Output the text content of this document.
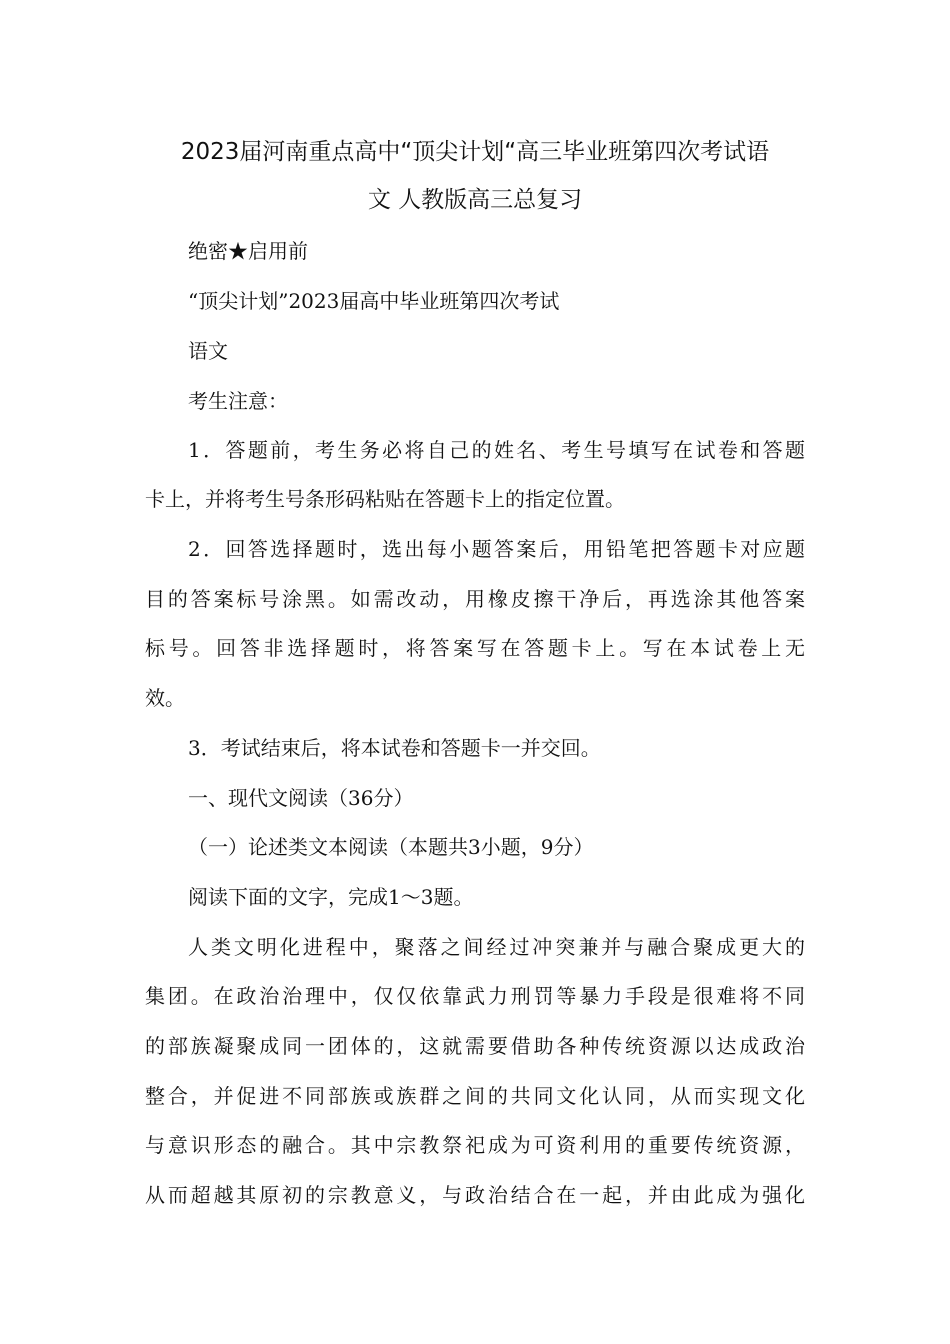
2023届河南重点高中“顶尖计划“高三毕业班第四次考试语
文 人教版高三总复习
绝密★启用前
“顶尖计划”2023届高中毕业班第四次考试
语文
考生注意：
1．答题前，考生务必将自己的姓名、考生号填写在试卷和答题
卡上，并将考生号条形码粘贴在答题卡上的指定位置。
2．回答选择题时，选出每小题答案后，用铅笔把答题卡对应题
目的答案标号涂黑。如需改动，用橡皮擦干净后，再选涂其他答案
标号。回答非选择题时，将答案写在答题卡上。写在本试卷上无
效。
3．考试结束后，将本试卷和答题卡一并交回。
一、现代文阅读（36分）
（一）论述类文本阅读（本题共3小题，9分）
阅读下面的文字，完成1～3题。
人类文明化进程中，聚落之间经过冲突兼并与融合聚成更大的
集团。在政治治理中，仅仅依靠武力刑罚等暴力手段是很难将不同
的部族凝聚成同一团体的，这就需要借助各种传统资源以达成政治
整合，并促进不同部族或族群之间的共同文化认同，从而实现文化
与意识形态的融合。其中宗教祭祀成为可资利用的重要传统资源，
从而超越其原初的宗教意义，与政治结合在一起，并由此成为强化
